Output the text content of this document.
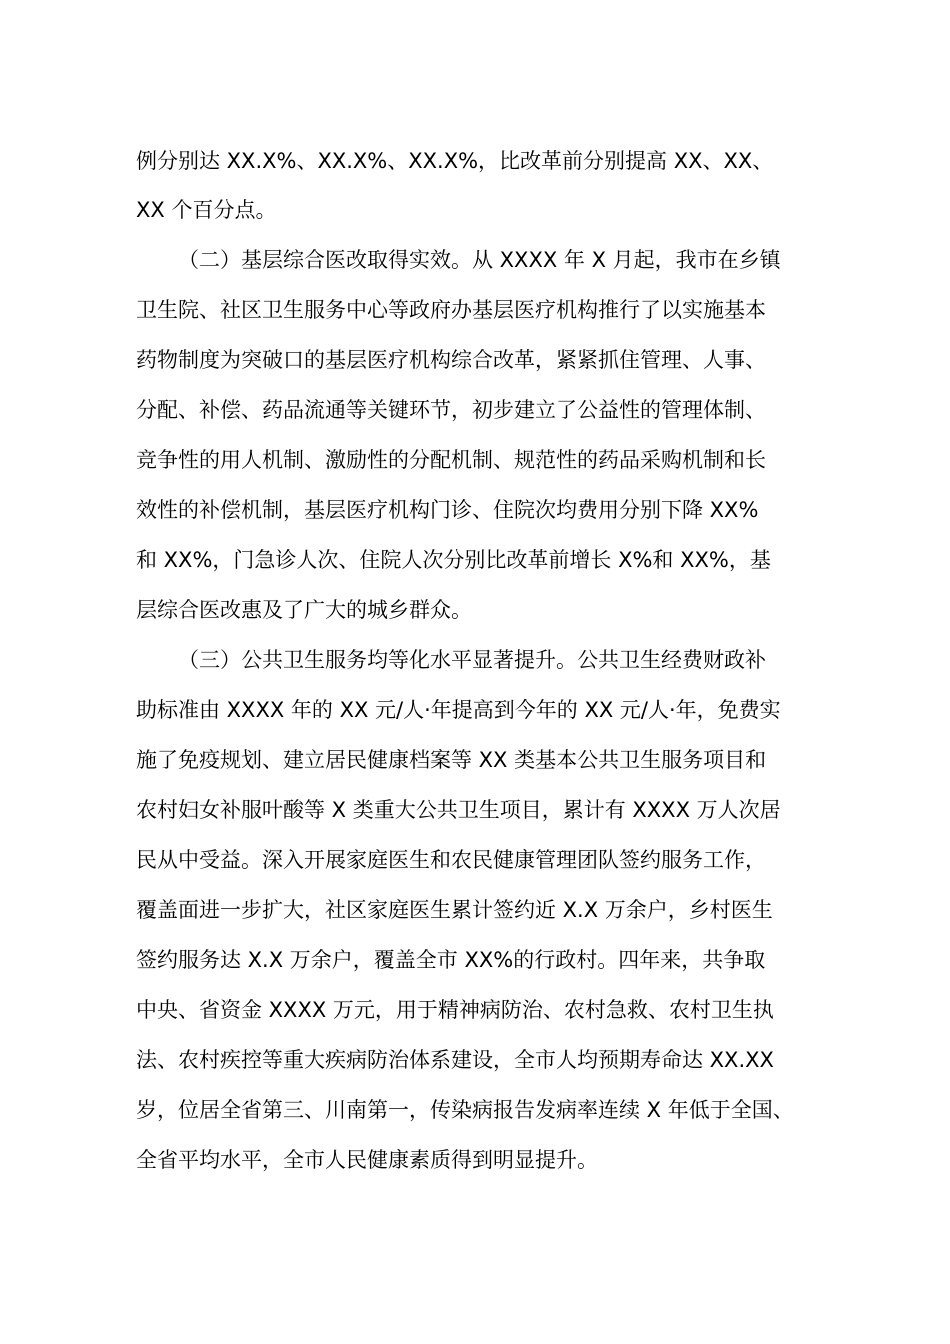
例分别达 XX.X%、XX.X%、XX.X%，比改革前分别提高 XX、XX、

XX 个百分点。

（二）基层综合医改取得实效。从 XXXX 年 X 月起，我市在乡镇

卫生院、社区卫生服务中心等政府办基层医疗机构推行了以实施基本

药物制度为突破口的基层医疗机构综合改革，紧紧抓住管理、人事、

分配、补偿、药品流通等关键环节，初步建立了公益性的管理体制、

竞争性的用人机制、激励性的分配机制、规范性的药品采购机制和长

效性的补偿机制，基层医疗机构门诊、住院次均费用分别下降 XX%

和 XX%，门急诊人次、住院人次分别比改革前增长 X%和 XX%，基

层综合医改惠及了广大的城乡群众。

（三）公共卫生服务均等化水平显著提升。公共卫生经费财政补

助标准由 XXXX 年的 XX 元/人·年提高到今年的 XX 元/人·年，免费实

施了免疫规划、建立居民健康档案等 XX 类基本公共卫生服务项目和

农村妇女补服叶酸等 X 类重大公共卫生项目，累计有 XXXX 万人次居

民从中受益。深入开展家庭医生和农民健康管理团队签约服务工作，

覆盖面进一步扩大，社区家庭医生累计签约近 X.X 万余户，乡村医生

签约服务达 X.X 万余户，覆盖全市 XX%的行政村。四年来，共争取

中央、省资金 XXXX 万元，用于精神病防治、农村急救、农村卫生执

法、农村疾控等重大疾病防治体系建设，全市人均预期寿命达 XX.XX

岁，位居全省第三、川南第一，传染病报告发病率连续 X 年低于全国、

全省平均水平，全市人民健康素质得到明显提升。
